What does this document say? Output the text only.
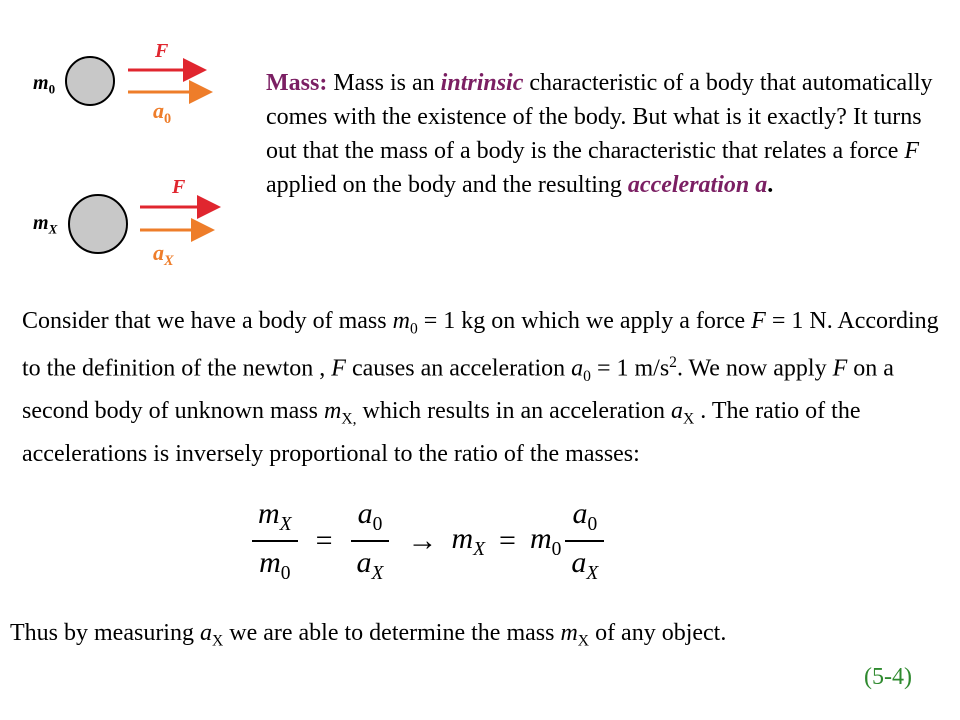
$m_0$
F
$a_0$
$m_X$
F
$a_X$
Mass: Mass is an intrinsic characteristic of a body that automatically comes with the existence of the body. But what is it exactly? It turns out that the mass of a body is the characteristic that relates a force F applied on the body and the resulting acceleration a.
Consider that we have a body of mass $m_0 = 1$ kg on which we apply a force F = 1 N. According to the definition of the newton , F causes an acceleration $a_0 = 1$ $m/s^2$. We now apply F on a second body of unknown mass $m_{X,}$ which results in an acceleration $a_X$ . The ratio of the accelerations is inversely proportional to the ratio of the masses:
$\frac{m_X}{m_0} = \frac{a_0}{a_X} \to m_X = m_0 \frac{a_0}{a_X}$
Thus by measuring $a_X$ we are able to determine the mass $m_X$ of any object.
(5-4)
